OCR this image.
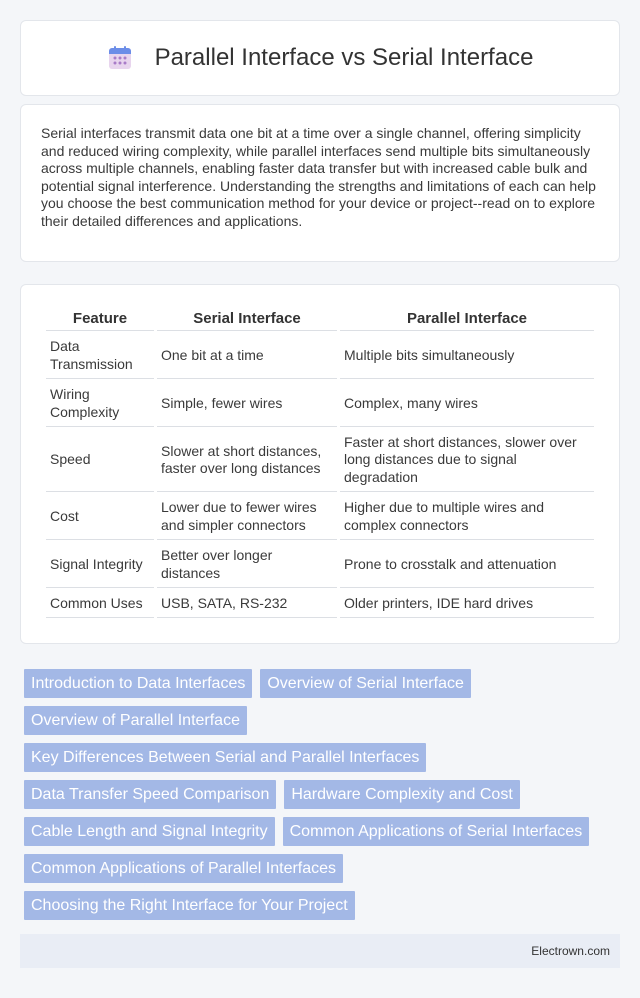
Parallel Interface vs Serial Interface

Serial interfaces transmit data one bit at a time over a single channel, offering simplicity and reduced wiring complexity, while parallel interfaces send multiple bits simultaneously across multiple channels, enabling faster data transfer but with increased cable bulk and potential signal interference. Understanding the strengths and limitations of each can help you choose the best communication method for your device or project--read on to explore their detailed differences and applications.

Feature	Serial Interface	Parallel Interface
Data Transmission	One bit at a time	Multiple bits simultaneously
Wiring Complexity	Simple, fewer wires	Complex, many wires
Speed	Slower at short distances, faster over long distances	Faster at short distances, slower over long distances due to signal degradation
Cost	Lower due to fewer wires and simpler connectors	Higher due to multiple wires and complex connectors
Signal Integrity	Better over longer distances	Prone to crosstalk and attenuation
Common Uses	USB, SATA, RS-232	Older printers, IDE hard drives
Introduction to Data Interfaces	Overview of Serial Interface
Overview of Parallel Interface
Key Differences Between Serial and Parallel Interfaces
Data Transfer Speed Comparison	Hardware Complexity and Cost
Cable Length and Signal Integrity	Common Applications of Serial Interfaces
Common Applications of Parallel Interfaces
Choosing the Right Interface for Your Project
Electrown.com
